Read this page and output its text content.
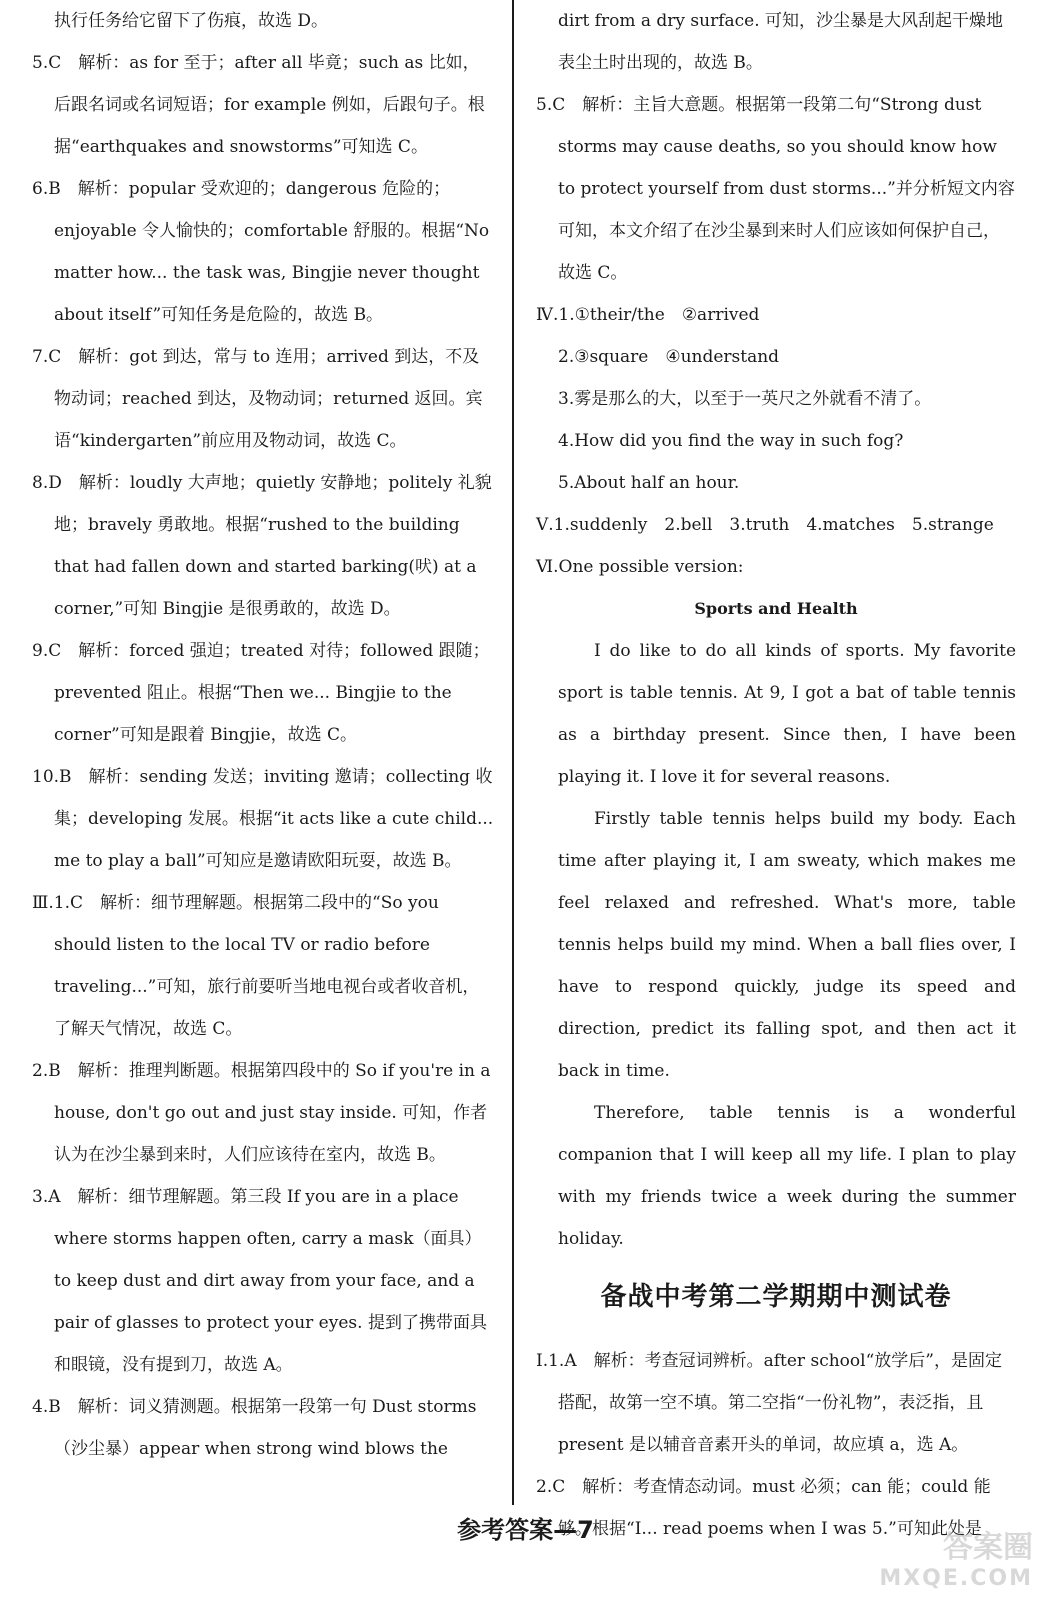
执行任务给它留下了伤痕，故选 D。

5.C　解析：as for 至于；after all 毕竟；such as 比如，后跟名词或名词短语；for example 例如，后跟句子。根据“earthquakes and snowstorms”可知选 C。

6.B　解析：popular 受欢迎的；dangerous 危险的；enjoyable 令人愉快的；comfortable 舒服的。根据“No matter how... the task was, Bingjie never thought about itself”可知任务是危险的，故选 B。

7.C　解析：got 到达，常与 to 连用；arrived 到达，不及物动词；reached 到达，及物动词；returned 返回。宾语“kindergarten”前应用及物动词，故选 C。

8.D　解析：loudly 大声地；quietly 安静地；politely 礼貌地；bravely 勇敢地。根据“rushed to the building that had fallen down and started barking(吠) at a corner,”可知 Bingjie 是很勇敢的，故选 D。

9.C　解析：forced 强迫；treated 对待；followed 跟随；prevented 阻止。根据“Then we... Bingjie to the corner”可知是跟着 Bingjie，故选 C。

10.B　解析：sending 发送；inviting 邀请；collecting 收集；developing 发展。根据“it acts like a cute child... me to play a ball”可知应是邀请欧阳玩耍，故选 B。

Ⅲ.1.C　解析：细节理解题。根据第二段中的“So you should listen to the local TV or radio before traveling...”可知，旅行前要听当地电视台或者收音机，了解天气情况，故选 C。

2.B　解析：推理判断题。根据第四段中的 So if you're in a house, don't go out and just stay inside. 可知，作者认为在沙尘暴到来时，人们应该待在室内，故选 B。

3.A　解析：细节理解题。第三段 If you are in a place where storms happen often, carry a mask（面具）to keep dust and dirt away from your face, and a pair of glasses to protect your eyes. 提到了携带面具和眼镜，没有提到刀，故选 A。

4.B　解析：词义猜测题。根据第一段第一句 Dust storms（沙尘暴）appear when strong wind blows the

dirt from a dry surface. 可知，沙尘暴是大风刮起干燥地表尘土时出现的，故选 B。

5.C　解析：主旨大意题。根据第一段第二句“Strong dust storms may cause deaths, so you should know how to protect yourself from dust storms...”并分析短文内容可知，本文介绍了在沙尘暴到来时人们应该如何保护自己，故选 C。

Ⅳ.1.①their/the　②arrived

2.③square　④understand

3.雾是那么的大，以至于一英尺之外就看不清了。

4.How did you find the way in such fog?

5.About half an hour.

Ⅴ.1.suddenly　2.bell　3.truth　4.matches　5.strange

Ⅵ.One possible version:

Sports and Health

I do like to do all kinds of sports. My favorite sport is table tennis. At 9, I got a bat of table tennis as a birthday present. Since then, I have been playing it. I love it for several reasons.

Firstly table tennis helps build my body. Each time after playing it, I am sweaty, which makes me feel relaxed and refreshed. What's more, table tennis helps build my mind. When a ball flies over, I have to respond quickly, judge its speed and direction, predict its falling spot, and then act it back in time.

Therefore, table tennis is a wonderful companion that I will keep all my life. I plan to play with my friends twice a week during the summer holiday.

备战中考第二学期期中测试卷

Ⅰ.1.A　解析：考查冠词辨析。after school“放学后”，是固定搭配，故第一空不填。第二空指“一份礼物”，表泛指，且 present 是以辅音音素开头的单词，故应填 a，选 A。

2.C　解析：考查情态动词。must 必须；can 能；could 能够。根据“I... read poems when I was 5.”可知此处是

参考答案—7	答案圈
MXQE.COM
